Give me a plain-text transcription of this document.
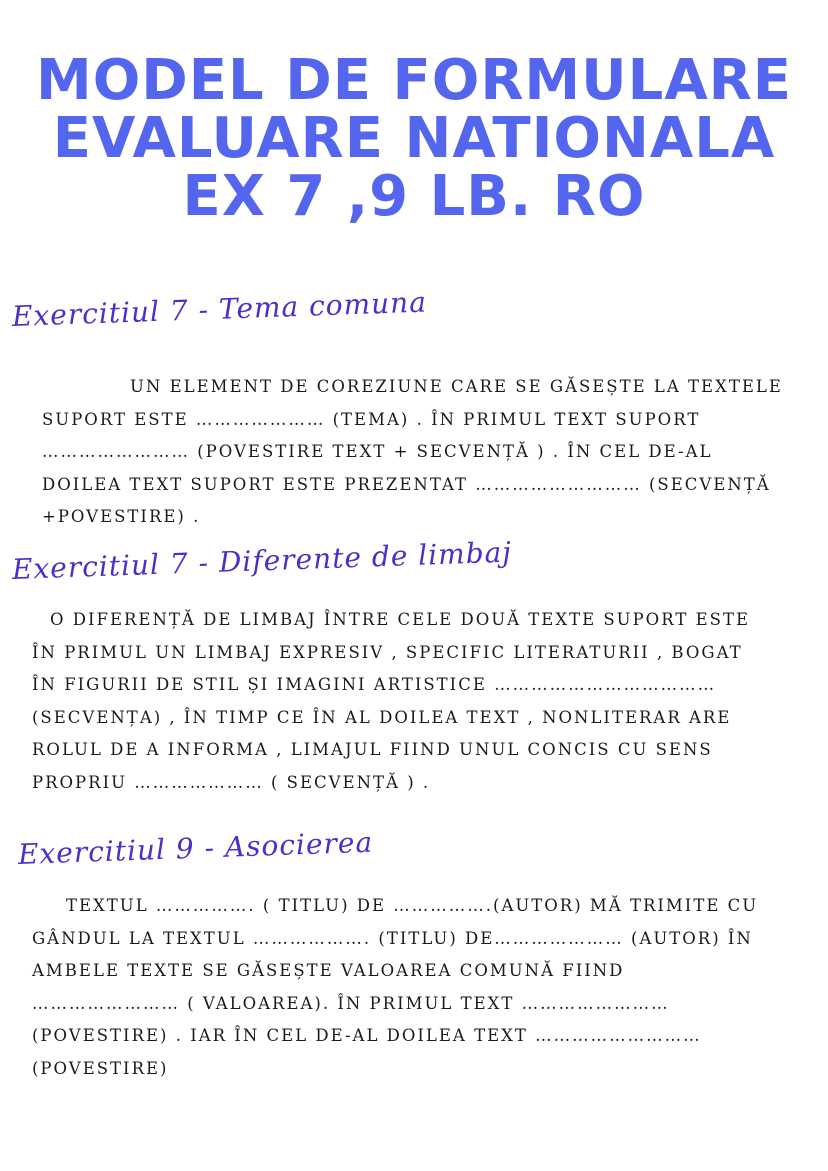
MODEL DE FORMULARE
EVALUARE NATIONALA
EX 7 ,9 LB. RO
Exercitiul 7 - Tema comuna
UN ELEMENT DE COREZIUNE CARE SE GĂSEȘTE LA TEXTELE
SUPORT ESTE ………………… (TEMA) . ÎN PRIMUL TEXT SUPORT
…………………… (POVESTIRE TEXT + SECVENȚĂ ) . ÎN CEL DE-AL
DOILEA TEXT SUPORT ESTE PREZENTAT ……………………… (SECVENȚĂ
+POVESTIRE) .
Exercitiul 7 - Diferente de limbaj
O DIFERENȚĂ DE LIMBAJ ÎNTRE CELE DOUĂ TEXTE SUPORT ESTE
ÎN PRIMUL UN LIMBAJ EXPRESIV , SPECIFIC LITERATURII , BOGAT
ÎN FIGURII DE STIL ȘI IMAGINI ARTISTICE ………………………………
(SECVENȚA) , ÎN TIMP CE ÎN AL DOILEA TEXT , NONLITERAR ARE
ROLUL DE A INFORMA , LIMAJUL FIIND UNUL CONCIS CU SENS
PROPRIU ………………… ( SECVENȚĂ ) .
Exercitiul 9 - Asocierea
TEXTUL ……………. ( TITLU) DE …………….(AUTOR) MĂ TRIMITE CU
GÂNDUL LA TEXTUL ………………. (TITLU) DE………………… (AUTOR) ÎN
AMBELE TEXTE SE GĂSEȘTE VALOAREA COMUNĂ FIIND
…………………… ( VALOAREA). ÎN PRIMUL TEXT ……………………
(POVESTIRE) . IAR ÎN CEL DE-AL DOILEA TEXT ………………………
(POVESTIRE)
